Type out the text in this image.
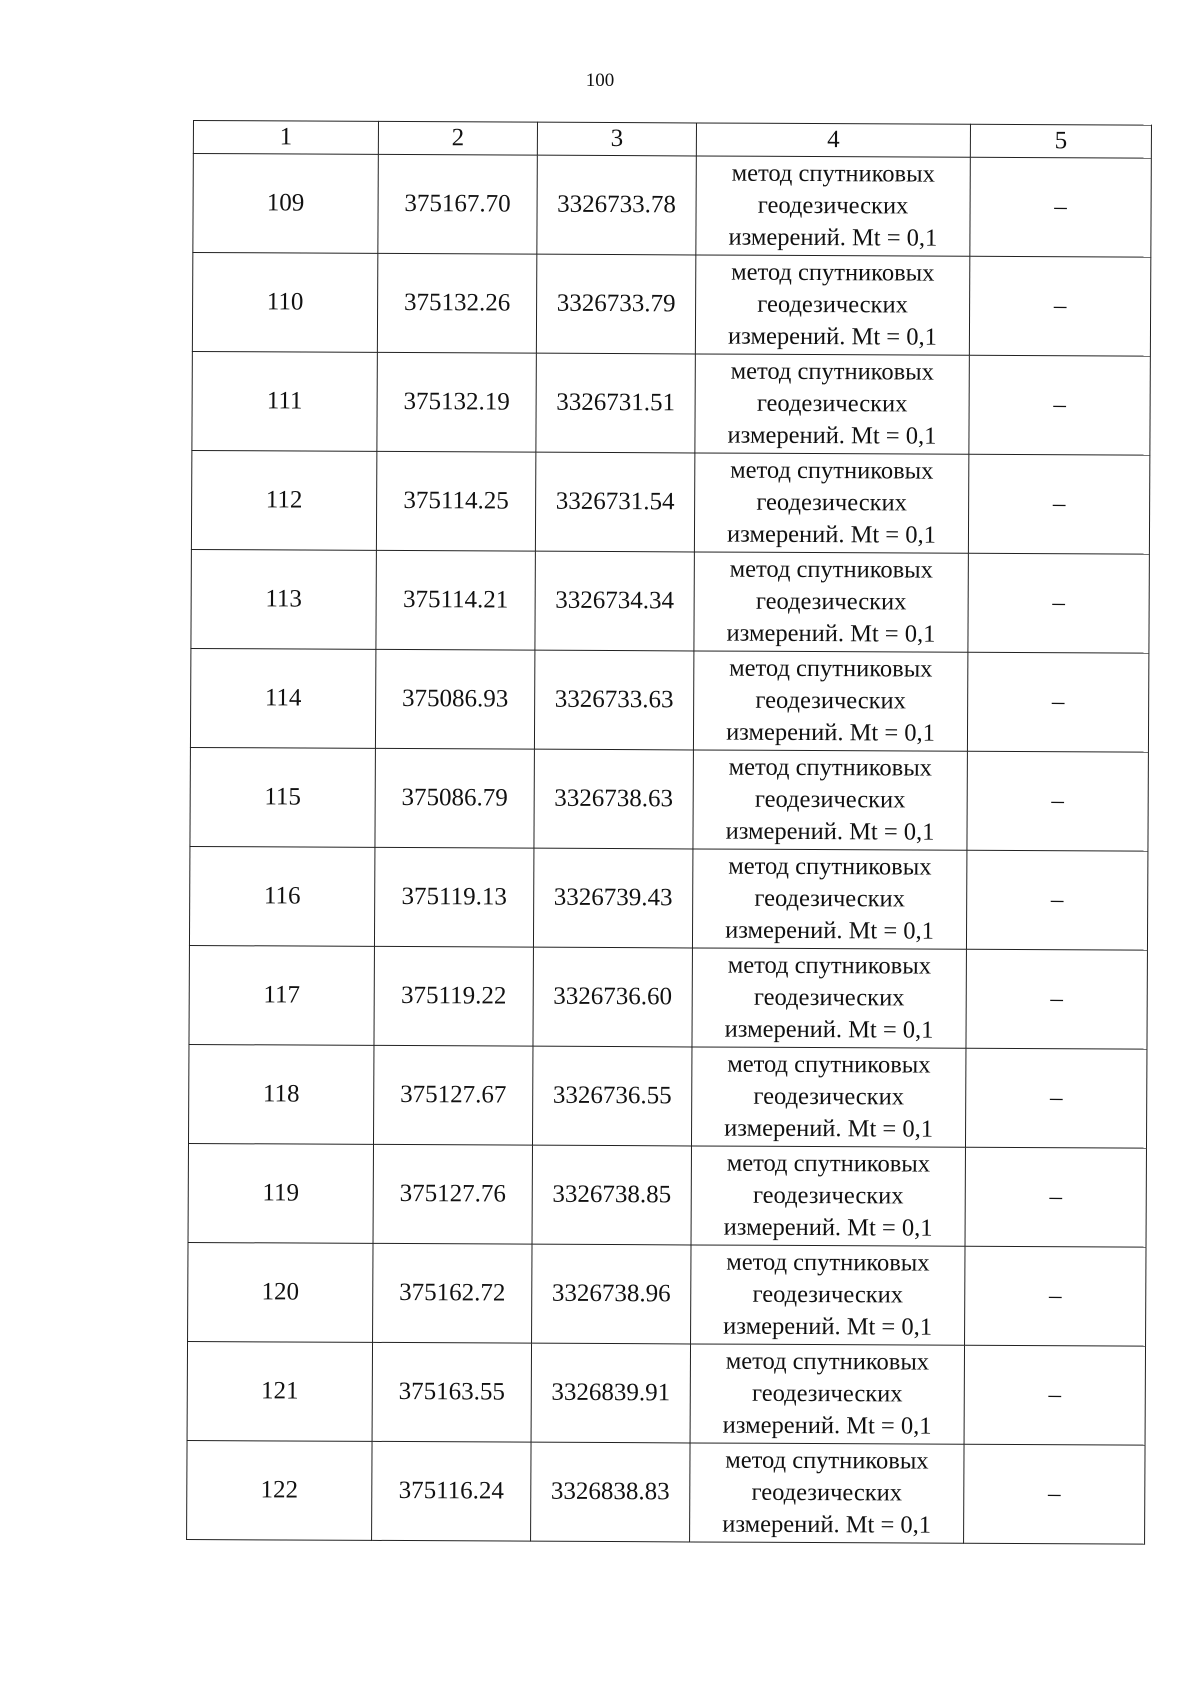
100
1	2	3	4	5
109	375167.70	3326733.78	метод спутниковых
геодезических
измерений. Mt = 0,1	–
110	375132.26	3326733.79	метод спутниковых
геодезических
измерений. Mt = 0,1	–
111	375132.19	3326731.51	метод спутниковых
геодезических
измерений. Mt = 0,1	–
112	375114.25	3326731.54	метод спутниковых
геодезических
измерений. Mt = 0,1	–
113	375114.21	3326734.34	метод спутниковых
геодезических
измерений. Mt = 0,1	–
114	375086.93	3326733.63	метод спутниковых
геодезических
измерений. Mt = 0,1	–
115	375086.79	3326738.63	метод спутниковых
геодезических
измерений. Mt = 0,1	–
116	375119.13	3326739.43	метод спутниковых
геодезических
измерений. Mt = 0,1	–
117	375119.22	3326736.60	метод спутниковых
геодезических
измерений. Mt = 0,1	–
118	375127.67	3326736.55	метод спутниковых
геодезических
измерений. Mt = 0,1	–
119	375127.76	3326738.85	метод спутниковых
геодезических
измерений. Mt = 0,1	–
120	375162.72	3326738.96	метод спутниковых
геодезических
измерений. Mt = 0,1	–
121	375163.55	3326839.91	метод спутниковых
геодезических
измерений. Mt = 0,1	–
122	375116.24	3326838.83	метод спутниковых
геодезических
измерений. Mt = 0,1	–
